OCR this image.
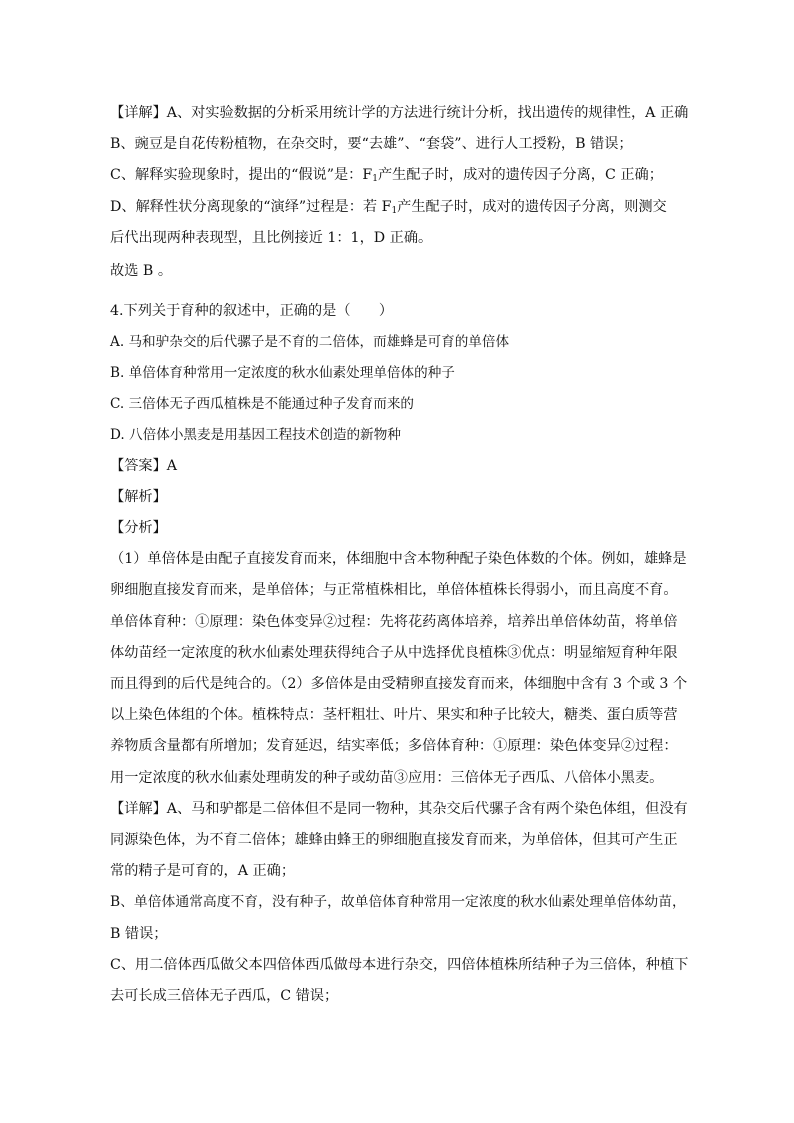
【详解】A、对实验数据的分析采用统计学的方法进行统计分析，找出遗传的规律性，A 正确
B、豌豆是自花传粉植物，在杂交时，要“去雄”、“套袋”、进行人工授粉，B 错误；
C、解释实验现象时，提出的“假说”是：$F_1$产生配子时，成对的遗传因子分离，C 正确；
D、解释性状分离现象的“演绎”过程是：若 $F_1$产生配子时，成对的遗传因子分离，则测交
后代出现两种表现型，且比例接近 1：1，D 正确。
故选 B 。
4.下列关于育种的叙述中，正确的是（　　）
A. 马和驴杂交的后代骡子是不育的二倍体，而雄蜂是可育的单倍体
B. 单倍体育种常用一定浓度的秋水仙素处理单倍体的种子
C. 三倍体无子西瓜植株是不能通过种子发育而来的
D. 八倍体小黑麦是用基因工程技术创造的新物种
【答案】A
【解析】
【分析】
（1）单倍体是由配子直接发育而来，体细胞中含本物种配子染色体数的个体。例如，雄蜂是
卵细胞直接发育而来，是单倍体；与正常植株相比，单倍体植株长得弱小，而且高度不育。
单倍体育种：①原理：染色体变异②过程：先将花药离体培养，培养出单倍体幼苗，将单倍
体幼苗经一定浓度的秋水仙素处理获得纯合子从中选择优良植株③优点：明显缩短育种年限
而且得到的后代是纯合的。（2）多倍体是由受精卵直接发育而来，体细胞中含有 3 个或 3 个
以上染色体组的个体。植株特点：茎杆粗壮、叶片、果实和种子比较大，糖类、蛋白质等营
养物质含量都有所增加；发育延迟，结实率低；多倍体育种：①原理：染色体变异②过程：
用一定浓度的秋水仙素处理萌发的种子或幼苗③应用：三倍体无子西瓜、八倍体小黑麦。
【详解】A、马和驴都是二倍体但不是同一物种，其杂交后代骡子含有两个染色体组，但没有
同源染色体，为不育二倍体；雄蜂由蜂王的卵细胞直接发育而来，为单倍体，但其可产生正
常的精子是可育的，A 正确；
B、单倍体通常高度不育，没有种子，故单倍体育种常用一定浓度的秋水仙素处理单倍体幼苗，
B 错误；
C、用二倍体西瓜做父本四倍体西瓜做母本进行杂交，四倍体植株所结种子为三倍体，种植下
去可长成三倍体无子西瓜，C 错误；
